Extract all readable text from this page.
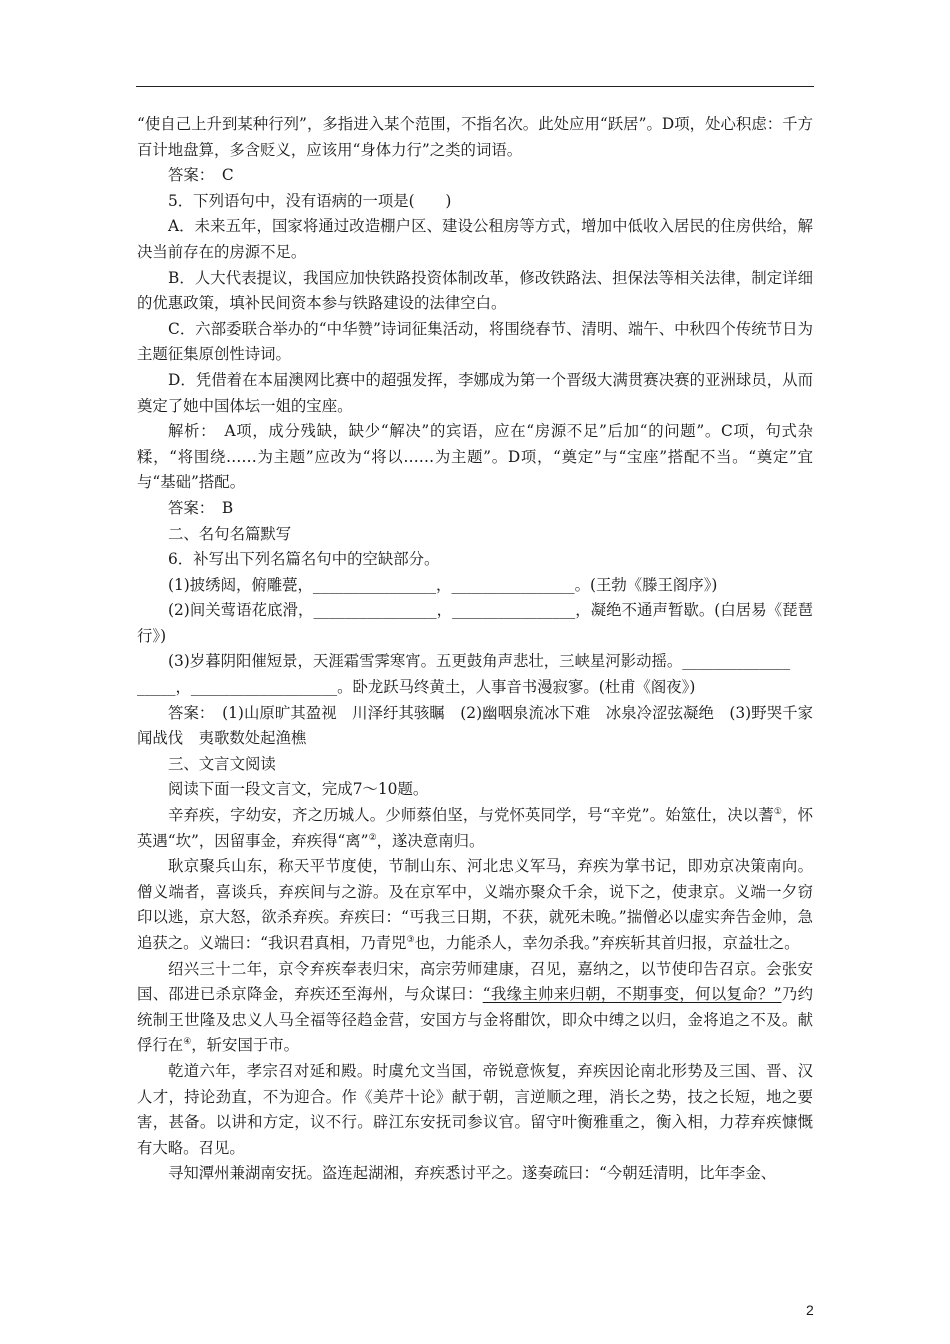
“使自己上升到某种行列”，多指进入某个范围，不指名次。此处应用“跃居”。D项，处心积虑：千方百计地盘算，多含贬义，应该用“身体力行”之类的词语。

答案：　C

5．下列语句中，没有语病的一项是(　　)

A．未来五年，国家将通过改造棚户区、建设公租房等方式，增加中低收入居民的住房供给，解决当前存在的房源不足。

B．人大代表提议，我国应加快铁路投资体制改革，修改铁路法、担保法等相关法律，制定详细的优惠政策，填补民间资本参与铁路建设的法律空白。

C．六部委联合举办的“中华赞”诗词征集活动，将围绕春节、清明、端午、中秋四个传统节日为主题征集原创性诗词。

D．凭借着在本届澳网比赛中的超强发挥，李娜成为第一个晋级大满贯赛决赛的亚洲球员，从而奠定了她中国体坛一姐的宝座。

解析：　A项，成分残缺，缺少“解决”的宾语，应在“房源不足”后加“的问题”。C项，句式杂糅，“将围绕……为主题”应改为“将以……为主题”。D项，“奠定”与“宝座”搭配不当。“奠定”宜与“基础”搭配。

答案：　B

二、名句名篇默写

6．补写出下列名篇名句中的空缺部分。

(1)披绣闼，俯雕甍，________________，________________。(王勃《滕王阁序》)

(2)间关莺语花底滑，________________，________________，凝绝不通声暂歇。(白居易《琵琶行》)

(3)岁暮阴阳催短景，天涯霜雪霁寒宵。五更鼓角声悲壮，三峡星河影动摇。______________

_____，___________________。卧龙跃马终黄土，人事音书漫寂寥。(杜甫《阁夜》)

答案：　(1)山原旷其盈视　川泽纡其骇瞩　(2)幽咽泉流冰下难　冰泉冷涩弦凝绝　(3)野哭千家闻战伐　夷歌数处起渔樵

三、文言文阅读

阅读下面一段文言文，完成7～10题。

辛弃疾，字幼安，齐之历城人。少师蔡伯坚，与党怀英同学，号“辛党”。始筮仕，决以蓍①，怀英遇“坎”，因留事金，弃疾得“离”②，遂决意南归。

耿京聚兵山东，称天平节度使，节制山东、河北忠义军马，弃疾为掌书记，即劝京决策南向。僧义端者，喜谈兵，弃疾间与之游。及在京军中，义端亦聚众千余，说下之，使隶京。义端一夕窃印以逃，京大怒，欲杀弃疾。弃疾曰：“丐我三日期，不获，就死未晚。”揣僧必以虚实奔告金帅，急追获之。义端曰：“我识君真相，乃青兕③也，力能杀人，幸勿杀我。”弃疾斩其首归报，京益壮之。

绍兴三十二年，京令弃疾奉表归宋，高宗劳师建康，召见，嘉纳之，以节使印告召京。会张安国、邵进已杀京降金，弃疾还至海州，与众谋曰：“我缘主帅来归朝，不期事变，何以复命？”乃约统制王世隆及忠义人马全福等径趋金营，安国方与金将酣饮，即众中缚之以归，金将追之不及。献俘行在④，斩安国于市。

乾道六年，孝宗召对延和殿。时虞允文当国，帝锐意恢复，弃疾因论南北形势及三国、晋、汉人才，持论劲直，不为迎合。作《美芹十论》献于朝，言逆顺之理，消长之势，技之长短，地之要害，甚备。以讲和方定，议不行。辟江东安抚司参议官。留守叶衡雅重之，衡入相，力荐弃疾慷慨有大略。召见。

寻知潭州兼湖南安抚。盗连起湖湘，弃疾悉讨平之。遂奏疏曰：“今朝廷清明，比年李金、

2
